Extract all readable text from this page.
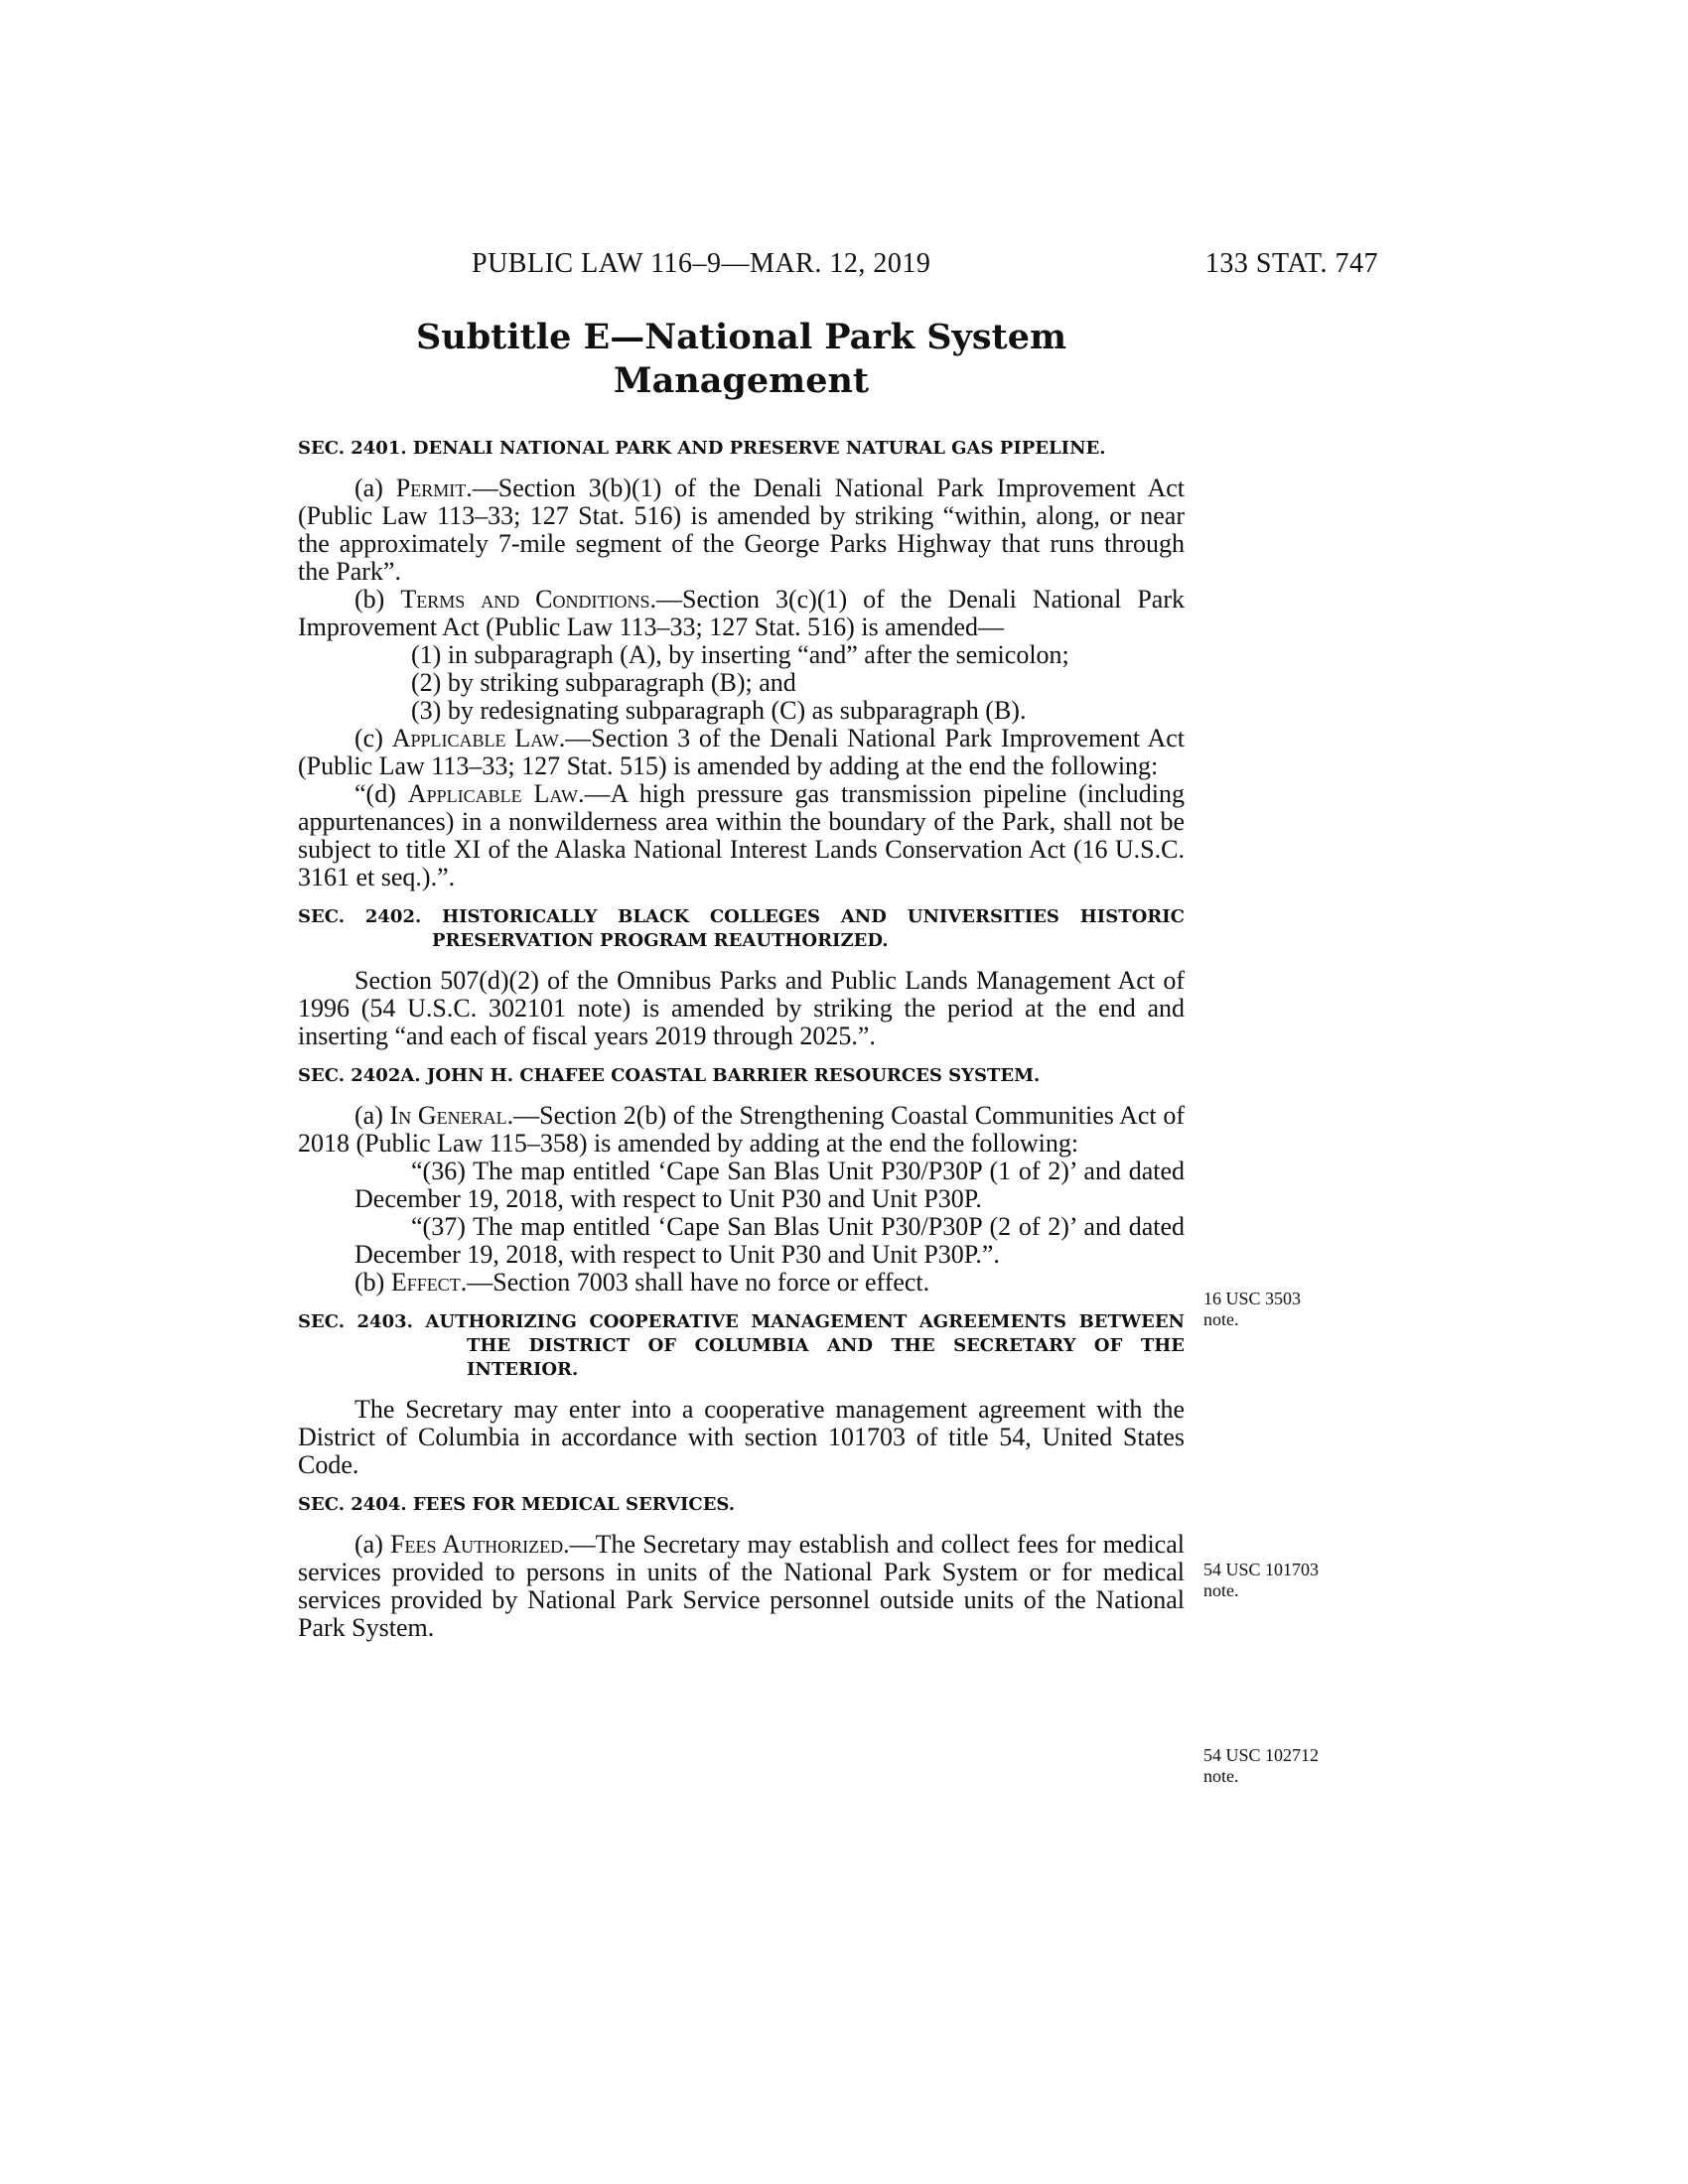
PUBLIC LAW 116–9—MAR. 12, 2019	133 STAT. 747
Subtitle E—National Park System
Management
SEC. 2401. DENALI NATIONAL PARK AND PRESERVE NATURAL GAS PIPELINE.

(a) Permit.—Section 3(b)(1) of the Denali National Park Improvement Act (Public Law 113–33; 127 Stat. 516) is amended by striking “within, along, or near the approximately 7-mile segment of the George Parks Highway that runs through the Park”.

(b) Terms and Conditions.—Section 3(c)(1) of the Denali National Park Improvement Act (Public Law 113–33; 127 Stat. 516) is amended—

(1) in subparagraph (A), by inserting “and” after the semicolon;

(2) by striking subparagraph (B); and

(3) by redesignating subparagraph (C) as subparagraph (B).

(c) Applicable Law.—Section 3 of the Denali National Park Improvement Act (Public Law 113–33; 127 Stat. 515) is amended by adding at the end the following:

“(d) Applicable Law.—A high pressure gas transmission pipeline (including appurtenances) in a nonwilderness area within the boundary of the Park, shall not be subject to title XI of the Alaska National Interest Lands Conservation Act (16 U.S.C. 3161 et seq.).”.

SEC. 2402. HISTORICALLY BLACK COLLEGES AND UNIVERSITIES HISTORIC PRESERVATION PROGRAM REAUTHORIZED.

Section 507(d)(2) of the Omnibus Parks and Public Lands Management Act of 1996 (54 U.S.C. 302101 note) is amended by striking the period at the end and inserting “and each of fiscal years 2019 through 2025.”.

SEC. 2402A. JOHN H. CHAFEE COASTAL BARRIER RESOURCES SYSTEM.

(a) In General.—Section 2(b) of the Strengthening Coastal Communities Act of 2018 (Public Law 115–358) is amended by adding at the end the following:

“(36) The map entitled ‘Cape San Blas Unit P30/P30P (1 of 2)’ and dated December 19, 2018, with respect to Unit P30 and Unit P30P.

“(37) The map entitled ‘Cape San Blas Unit P30/P30P (2 of 2)’ and dated December 19, 2018, with respect to Unit P30 and Unit P30P.”.

(b) Effect.—Section 7003 shall have no force or effect.

SEC. 2403. AUTHORIZING COOPERATIVE MANAGEMENT AGREEMENTS BETWEEN THE DISTRICT OF COLUMBIA AND THE SECRETARY OF THE INTERIOR.

The Secretary may enter into a cooperative management agreement with the District of Columbia in accordance with section 101703 of title 54, United States Code.

SEC. 2404. FEES FOR MEDICAL SERVICES.

(a) Fees Authorized.—The Secretary may establish and collect fees for medical services provided to persons in units of the National Park System or for medical services provided by National Park Service personnel outside units of the National Park System.

16 USC 3503
note.
54 USC 101703
note.
54 USC 102712
note.
